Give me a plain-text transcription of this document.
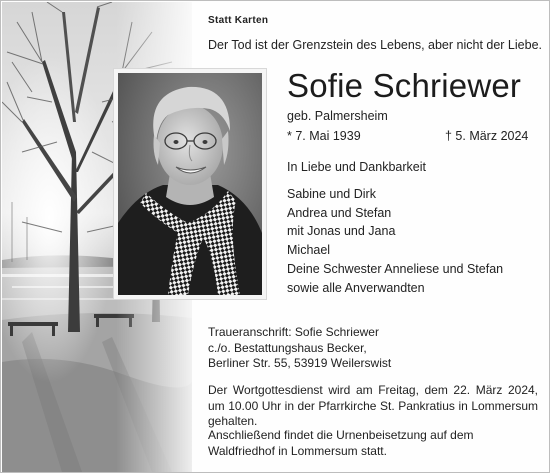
Statt Karten
Der Tod ist der Grenzstein des Lebens, aber nicht der Liebe.
Sofie Schriewer
geb. Palmersheim
* 7. Mai 1939	† 5. März 2024
In Liebe und Dankbarkeit
Sabine und Dirk
Andrea und Stefan
mit Jonas und Jana
Michael
Deine Schwester Anneliese und Stefan
sowie alle Anverwandten
Traueranschrift: Sofie Schriewer
c./o. Bestattungshaus Becker,
Berliner Str. 55, 53919 Weilerswist
Der Wortgottesdienst wird am Freitag, dem 22. März 2024, um 10.00 Uhr in der Pfarrkirche St. Pankratius in Lommersum gehalten.
Anschließend findet die Urnenbeisetzung auf dem Waldfriedhof in Lommersum statt.
